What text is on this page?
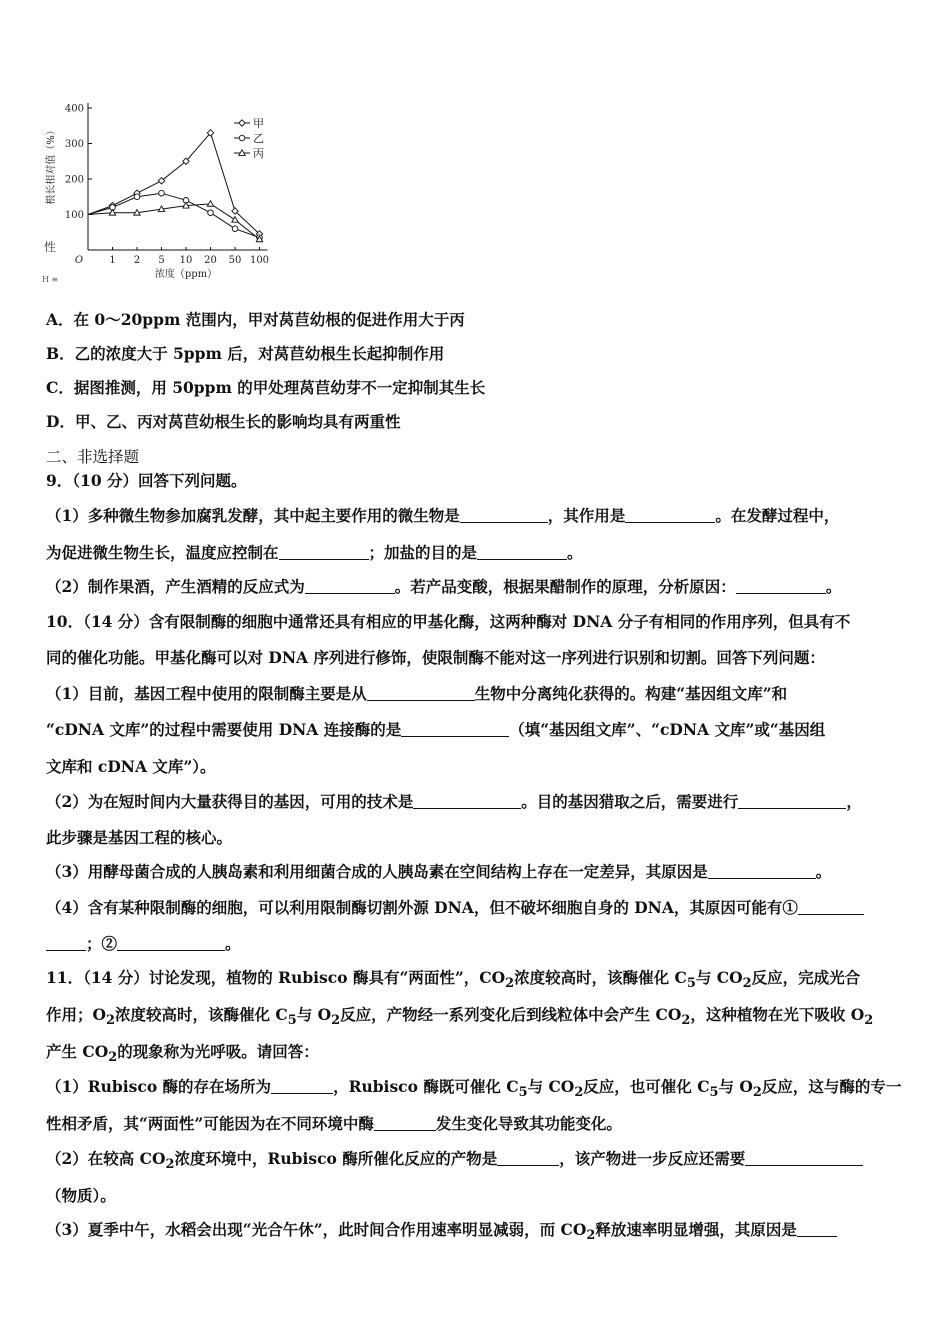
100
200
300
400
1 2 5 10 20 50 100
O
浓度（ppm）
根长相对值（%）
性
H ≡
甲
乙
丙
A．在 0～20ppm 范围内，甲对莴苣幼根的促进作用大于丙
B．乙的浓度大于 5ppm 后，对莴苣幼根生长起抑制作用
C．据图推测，用 50ppm 的甲处理莴苣幼芽不一定抑制其生长
D．甲、乙、丙对莴苣幼根生长的影响均具有两重性
二、非选择题
9．（10 分）回答下列问题。
（1）多种微生物参加腐乳发酵，其中起主要作用的微生物是	，其作用是	。在发酵过程中，
为促进微生物生长，温度应控制在	；加盐的目的是	。
（2）制作果酒，产生酒精的反应式为	。若产品变酸，根据果醋制作的原理，分析原因：	。
10．（14 分）含有限制酶的细胞中通常还具有相应的甲基化酶，这两种酶对 DNA 分子有相同的作用序列，但具有不
同的催化功能。甲基化酶可以对 DNA 序列进行修饰，使限制酶不能对这一序列进行识别和切割。回答下列问题：
（1）目前，基因工程中使用的限制酶主要是从	生物中分离纯化获得的。构建“基因组文库”和
“cDNA 文库”的过程中需要使用 DNA 连接酶的是	（填“基因组文库”、“cDNA 文库”或“基因组
文库和 cDNA 文库”）。
（2）为在短时间内大量获得目的基因，可用的技术是	。目的基因猎取之后，需要进行	，
此步骤是基因工程的核心。
（3）用酵母菌合成的人胰岛素和利用细菌合成的人胰岛素在空间结构上存在一定差异，其原因是	。
（4）含有某种限制酶的细胞，可以利用限制酶切割外源 DNA，但不破坏细胞自身的 DNA，其原因可能有①
；②	。
11．（14 分）讨论发现，植物的 Rubisco 酶具有“两面性”，$CO_2$浓度较高时，该酶催化 $C_5$与 $CO_2$反应，完成光合
作用；$O_2$浓度较高时，该酶催化 $C_5$与 $O_2$反应，产物经一系列变化后到线粒体中会产生 $CO_2$，这种植物在光下吸收 $O_2$
产生 $CO_2$的现象称为光呼吸。请回答：
（1）Rubisco 酶的存在场所为	，Rubisco 酶既可催化 $C_5$与 $CO_2$反应，也可催化 $C_5$与 $O_2$反应，这与酶的专一
性相矛盾，其“两面性”可能因为在不同环境中酶	发生变化导致其功能变化。
（2）在较高 $CO_2$浓度环境中，Rubisco 酶所催化反应的产物是	，该产物进一步反应还需要
（物质）。
（3）夏季中午，水稻会出现“光合午休”，此时间合作用速率明显减弱，而 $CO_2$释放速率明显增强，其原因是
